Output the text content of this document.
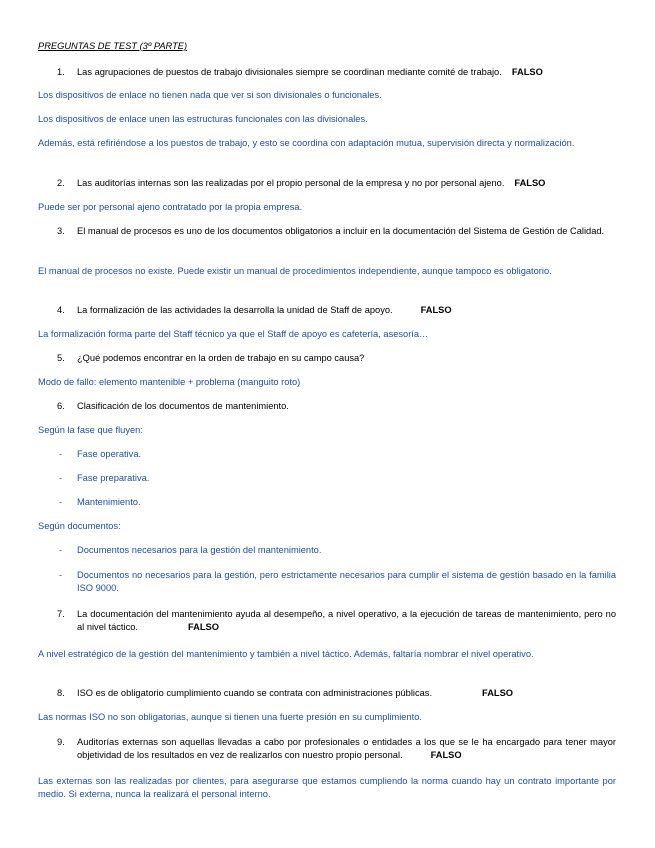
PREGUNTAS DE TEST (3º PARTE)
1. Las agrupaciones de puestos de trabajo divisionales siempre se coordinan mediante comité de trabajo. FALSO
Los dispositivos de enlace no tienen nada que ver si son divisionales o funcionales.
Los dispositivos de enlace unen las estructuras funcionales con las divisionales.
Además, está refiriéndose a los puestos de trabajo, y esto se coordina con adaptación mutua, supervisión directa y normalización.
2. Las auditorías internas son las realizadas por el propio personal de la empresa y no por personal ajeno. FALSO
Puede ser por personal ajeno contratado por la propia empresa.
3. El manual de procesos es uno de los documentos obligatorios a incluir en la documentación del Sistema de Gestión de Calidad.
El manual de procesos no existe. Puede existir un manual de procedimientos independiente, aunque tampoco es obligatorio.
4. La formalización de las actividades la desarrolla la unidad de Staff de apoyo.	FALSO
La formalización forma parte del Staff técnico ya que el Staff de apoyo es cafetería, asesoría…
5. ¿Qué podemos encontrar en la orden de trabajo en su campo causa?
Modo de fallo: elemento mantenible + problema (manguito roto)
6. Clasificación de los documentos de mantenimiento.
Según la fase que fluyen:
- Fase operativa.
- Fase preparativa.
- Mantenimiento.
Según documentos:
- Documentos necesarios para la gestión del mantenimiento.
- Documentos no necesarios para la gestión, pero estrictamente necesarios para cumplir el sistema de gestión basado en la familia ISO 9000.
7. La documentación del mantenimiento ayuda al desempeño, a nivel operativo, a la ejecución de tareas de mantenimiento, pero no al nivel táctico.	FALSO
A nivel estratégico de la gestión del mantenimiento y también a nivel táctico. Además, faltaría nombrar el nivel operativo.
8. ISO es de obligatorio cumplimiento cuando se contrata con administraciones públicas.	FALSO
Las normas ISO no son obligatorias, aunque si tienen una fuerte presión en su cumplimiento.
9. Auditorías externas son aquellas llevadas a cabo por profesionales o entidades a los que se le ha encargado para tener mayor objetividad de los resultados en vez de realizarlos con nuestro propio personal.	FALSO
Las externas son las realizadas por clientes, para asegurarse que estamos cumpliendo la norma cuando hay un contrato importante por medio. Si externa, nunca la realizará el personal interno.
